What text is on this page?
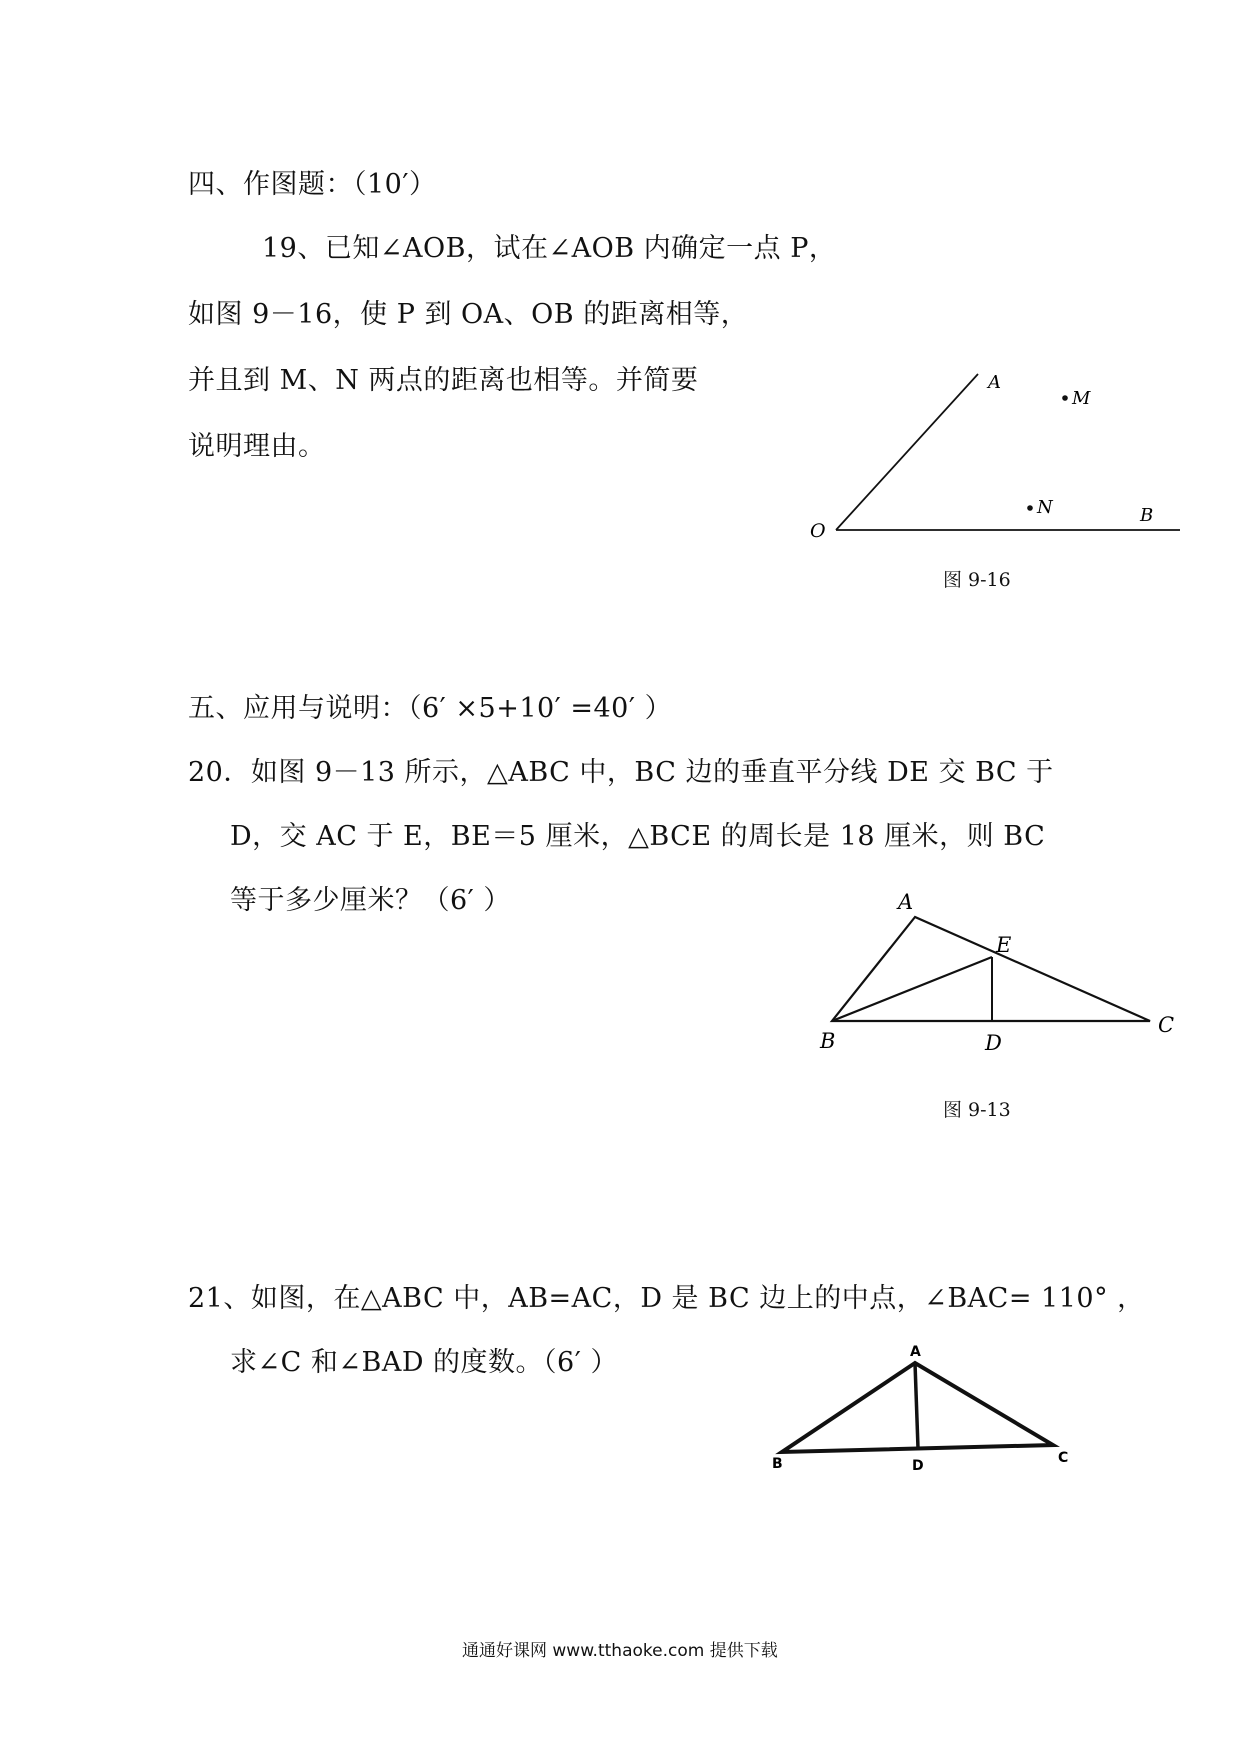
四、作图题：（10′）
19、已知∠AOB，试在∠AOB 内确定一点 P，
如图 9－16，使 P 到 OA、OB 的距离相等，
并且到 M、N 两点的距离也相等。并简要
说明理由。
A
M
N
O
B
图 9-16
五、应用与说明：（6′ ×5+10′ =40′ ）
20．如图 9－13 所示，△ABC 中，BC 边的垂直平分线 DE 交 BC 于
D，交 AC 于 E，BE＝5 厘米，△BCE 的周长是 18 厘米，则 BC
等于多少厘米？（6′ ）	A
E
B	D
C
图 9-13
21、如图，在△ABC 中，AB=AC，D 是 BC 边上的中点，∠BAC= 110° ，
求∠C 和∠BAD 的度数。（6′ ）	A
B	D	C
通通好课网 www.tthaoke.com 提供下载
